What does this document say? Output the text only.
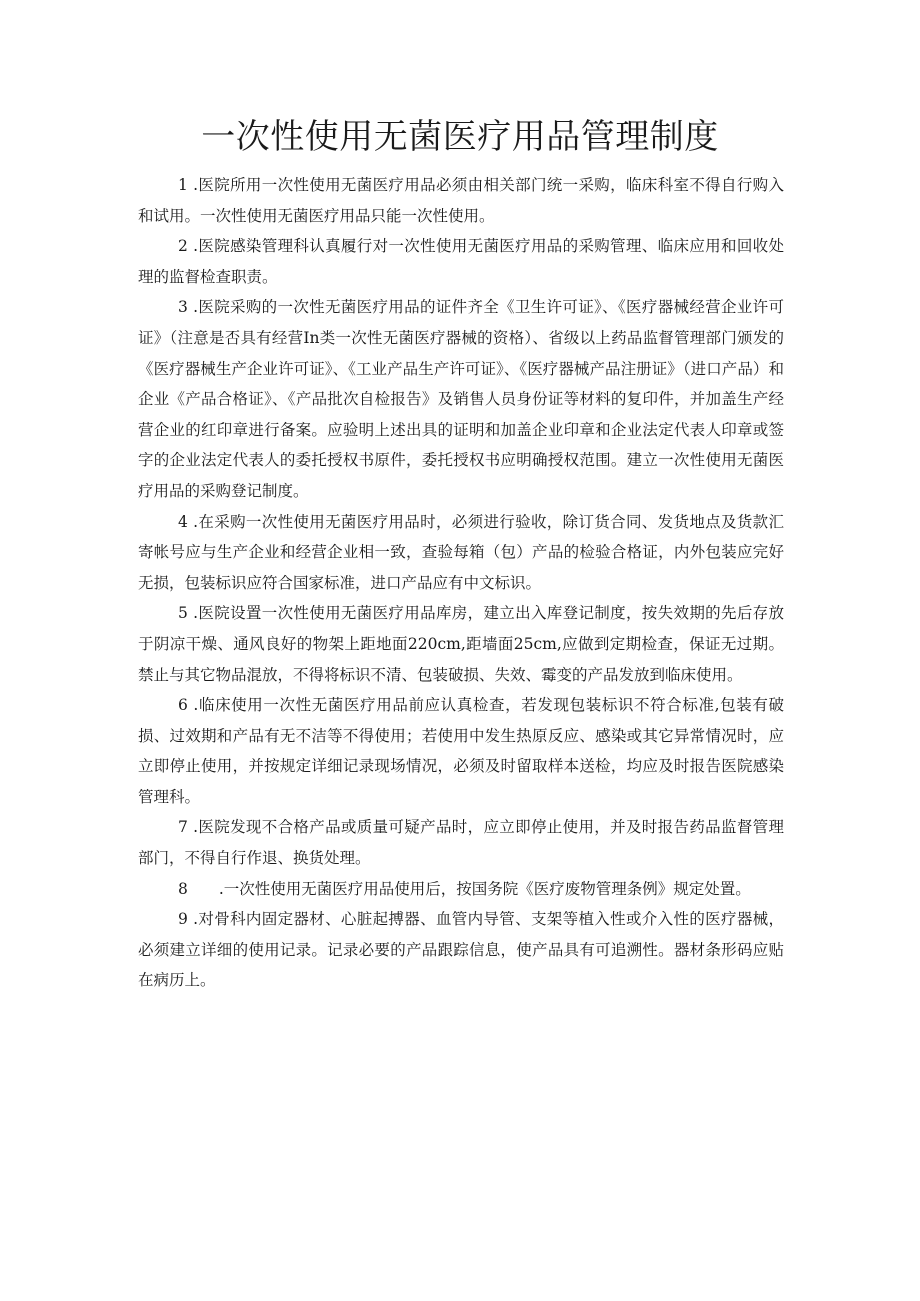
一次性使用无菌医疗用品管理制度

1 .医院所用一次性使用无菌医疗用品必须由相关部门统一采购，临床科室不得自行购入和试用。一次性使用无菌医疗用品只能一次性使用。

2 .医院感染管理科认真履行对一次性使用无菌医疗用品的采购管理、临床应用和回收处理的监督检查职责。

3 .医院采购的一次性无菌医疗用品的证件齐全《卫生许可证》、《医疗器械经营企业许可证》（注意是否具有经营In类一次性无菌医疗器械的资格）、省级以上药品监督管理部门颁发的《医疗器械生产企业许可证》、《工业产品生产许可证》、《医疗器械产品注册证》（进口产品）和企业《产品合格证》、《产品批次自检报告》及销售人员身份证等材料的复印件，并加盖生产经营企业的红印章进行备案。应验明上述出具的证明和加盖企业印章和企业法定代表人印章或签字的企业法定代表人的委托授权书原件，委托授权书应明确授权范围。建立一次性使用无菌医疗用品的采购登记制度。

4 .在采购一次性使用无菌医疗用品时，必须进行验收，除订货合同、发货地点及货款汇寄帐号应与生产企业和经营企业相一致，查验每箱（包）产品的检验合格证，内外包装应完好无损，包装标识应符合国家标准，进口产品应有中文标识。

5 .医院设置一次性使用无菌医疗用品库房，建立出入库登记制度，按失效期的先后存放于阴凉干燥、通风良好的物架上距地面220cm,距墙面25cm,应做到定期检查，保证无过期。禁止与其它物品混放，不得将标识不清、包装破损、失效、霉变的产品发放到临床使用。

6 .临床使用一次性无菌医疗用品前应认真检查，若发现包装标识不符合标准,包装有破损、过效期和产品有无不洁等不得使用；若使用中发生热原反应、感染或其它异常情况时，应立即停止使用，并按规定详细记录现场情况，必须及时留取样本送检，均应及时报告医院感染管理科。

7 .医院发现不合格产品或质量可疑产品时，应立即停止使用，并及时报告药品监督管理部门，不得自行作退、换货处理。

8　　.一次性使用无菌医疗用品使用后，按国务院《医疗废物管理条例》规定处置。

9 .对骨科内固定器材、心脏起搏器、血管内导管、支架等植入性或介入性的医疗器械，必须建立详细的使用记录。记录必要的产品跟踪信息，使产品具有可追溯性。器材条形码应贴在病历上。
